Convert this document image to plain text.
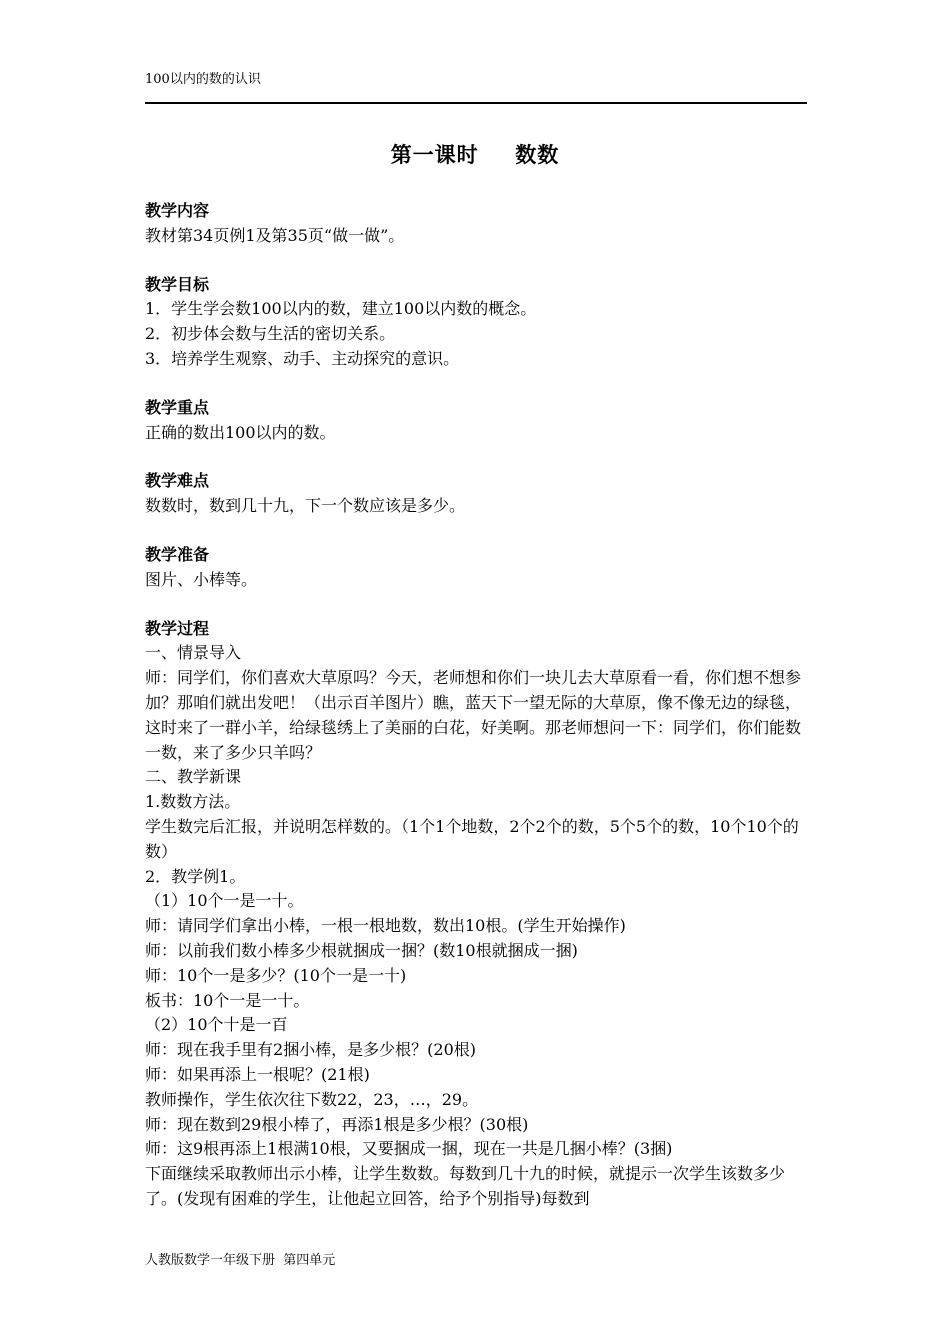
100以内的数的认识
第一课时  数数

教学内容

教材第34页例1及第35页“做一做”。

教学目标

1．学生学会数100以内的数，建立100以内数的概念。

2．初步体会数与生活的密切关系。

3．培养学生观察、动手、主动探究的意识。

教学重点

正确的数出100以内的数。

教学难点

数数时，数到几十九，下一个数应该是多少。

教学准备

图片、小棒等。

教学过程

一、情景导入

师：同学们，你们喜欢大草原吗？今天，老师想和你们一块儿去大草原看一看，你们想不想参加？那咱们就出发吧！（出示百羊图片）瞧，蓝天下一望无际的大草原，像不像无边的绿毯，这时来了一群小羊，给绿毯绣上了美丽的白花，好美啊。那老师想问一下：同学们，你们能数一数，来了多少只羊吗？

二、教学新课

1.数数方法。

学生数完后汇报，并说明怎样数的。（1个1个地数，2个2个的数，5个5个的数，10个10个的数）

2．教学例1。

（1）10个一是一十。

师：请同学们拿出小棒，一根一根地数，数出10根。(学生开始操作)

师：以前我们数小棒多少根就捆成一捆？(数10根就捆成一捆)

师：10个一是多少？(10个一是一十)

板书：10个一是一十。

（2）10个十是一百

师：现在我手里有2捆小棒，是多少根？(20根)

师：如果再添上一根呢？(21根)

教师操作，学生依次往下数22，23，…，29。

师：现在数到29根小棒了，再添1根是多少根？(30根)

师：这9根再添上1根满10根，又要捆成一捆，现在一共是几捆小棒？(3捆)

下面继续采取教师出示小棒，让学生数数。每数到几十九的时候，就提示一次学生该数多少了。(发现有困难的学生，让他起立回答，给予个别指导)每数到

人教版数学一年级下册  第四单元
